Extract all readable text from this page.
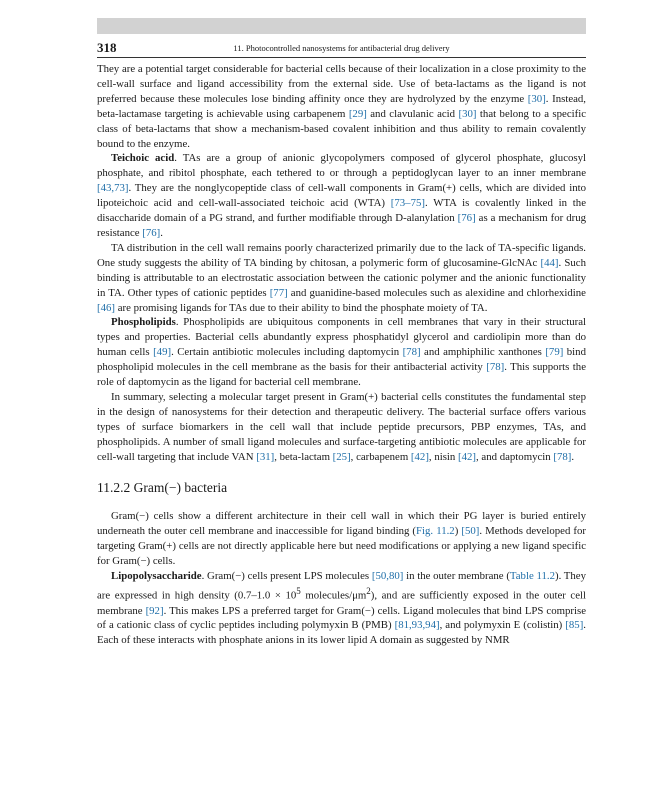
318	11. Photocontrolled nanosystems for antibacterial drug delivery

They are a potential target considerable for bacterial cells because of their localization in a close proximity to the cell-wall surface and ligand accessibility from the external side. Use of beta-lactams as the ligand is not preferred because these molecules lose binding affinity once they are hydrolyzed by the enzyme [30]. Instead, beta-lactamase targeting is achievable using carbapenem [29] and clavulanic acid [30] that belong to a specific class of beta-lactams that show a mechanism-based covalent inhibition and thus ability to remain covalently bound to the enzyme.

Teichoic acid. TAs are a group of anionic glycopolymers composed of glycerol phosphate, glucosyl phosphate, and ribitol phosphate, each tethered to or through a peptidoglycan layer to an inner membrane [43,73]. They are the nonglycopeptide class of cell-wall components in Gram(+) cells, which are divided into lipoteichoic acid and cell-wall-associated teichoic acid (WTA) [73–75]. WTA is covalently linked in the disaccharide domain of a PG strand, and further modifiable through D-alanylation [76] as a mechanism for drug resistance [76].

TA distribution in the cell wall remains poorly characterized primarily due to the lack of TA-specific ligands. One study suggests the ability of TA binding by chitosan, a polymeric form of glucosamine-GlcNAc [44]. Such binding is attributable to an electrostatic association between the cationic polymer and the anionic functionality in TA. Other types of cationic peptides [77] and guanidine-based molecules such as alexidine and chlorhexidine [46] are promising ligands for TAs due to their ability to bind the phosphate moiety of TA.

Phospholipids. Phospholipids are ubiquitous components in cell membranes that vary in their structural types and properties. Bacterial cells abundantly express phosphatidyl glycerol and cardiolipin more than do human cells [49]. Certain antibiotic molecules including daptomycin [78] and amphiphilic xanthones [79] bind phospholipid molecules in the cell membrane as the basis for their antibacterial activity [78]. This supports the role of daptomycin as the ligand for bacterial cell membrane.

In summary, selecting a molecular target present in Gram(+) bacterial cells constitutes the fundamental step in the design of nanosystems for their detection and therapeutic delivery. The bacterial surface offers various types of surface biomarkers in the cell wall that include peptide precursors, PBP enzymes, TAs, and phospholipids. A number of small ligand molecules and surface-targeting antibiotic molecules are applicable for cell-wall targeting that include VAN [31], beta-lactam [25], carbapenem [42], nisin [42], and daptomycin [78].

11.2.2 Gram(−) bacteria

Gram(−) cells show a different architecture in their cell wall in which their PG layer is buried entirely underneath the outer cell membrane and inaccessible for ligand binding (Fig. 11.2) [50]. Methods developed for targeting Gram(+) cells are not directly applicable here but need modifications or applying a new ligand specific for Gram(−) cells.

Lipopolysaccharide. Gram(−) cells present LPS molecules [50,80] in the outer membrane (Table 11.2). They are expressed in high density ($0.7-1.0 \times 10^5$ molecules/$\mu m^2$), and are sufficiently exposed in the outer cell membrane [92]. This makes LPS a preferred target for Gram(−) cells. Ligand molecules that bind LPS comprise of a cationic class of cyclic peptides including polymyxin B (PMB) [81,93,94], and polymyxin E (colistin) [85]. Each of these interacts with phosphate anions in its lower lipid A domain as suggested by NMR
